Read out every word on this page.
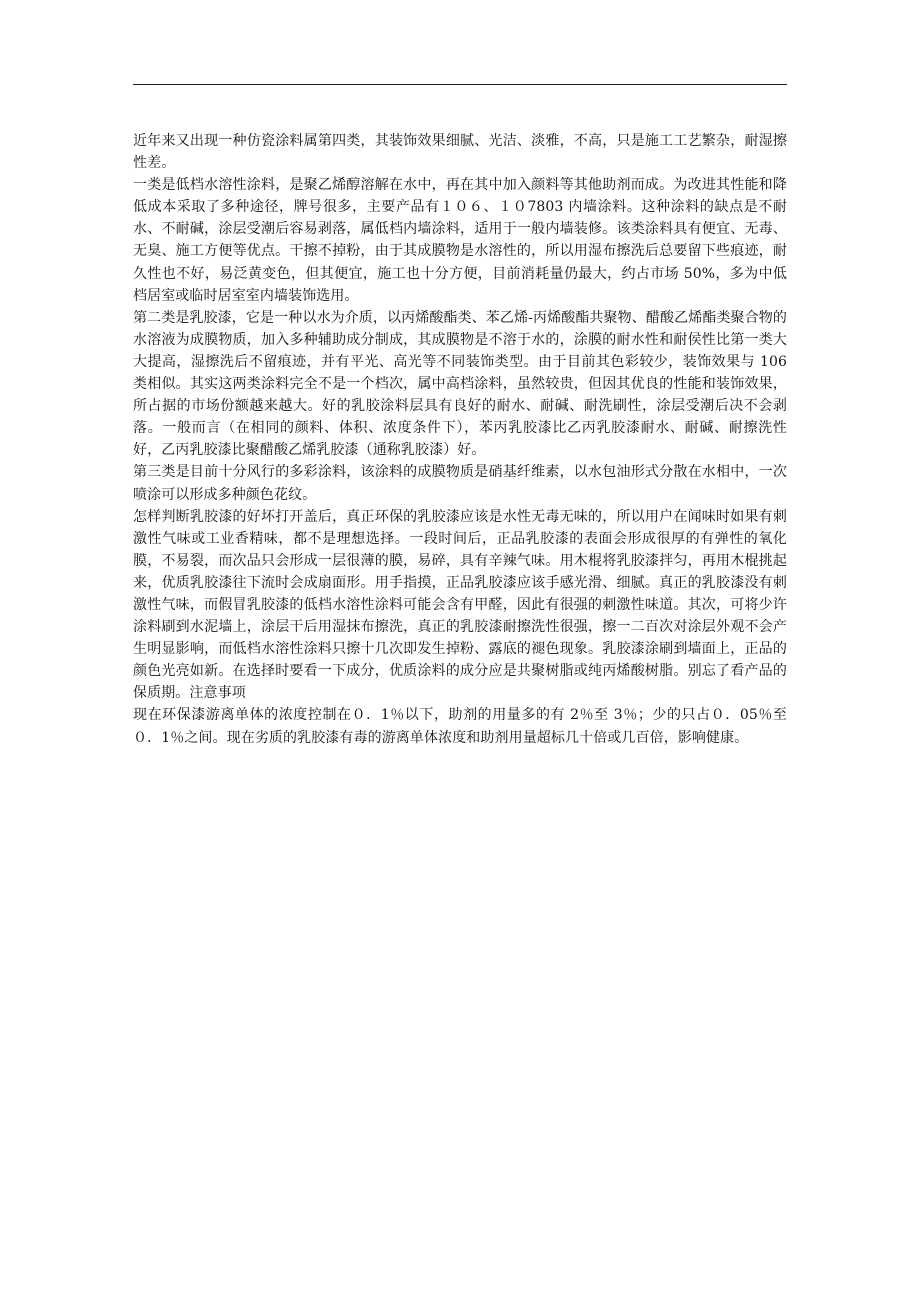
近年来又出现一种仿瓷涂料属第四类，其装饰效果细腻、光洁、淡雅，不高，只是施工工艺繁杂，耐湿擦性差。

一类是低档水溶性涂料，是聚乙烯醇溶解在水中，再在其中加入颜料等其他助剂而成。为改进其性能和降低成本采取了多种途径，牌号很多，主要产品有１０６、１０7803 内墙涂料。这种涂料的缺点是不耐水、不耐碱，涂层受潮后容易剥落，属低档内墙涂料，适用于一般内墙装修。该类涂料具有便宜、无毒、无臭、施工方便等优点。干擦不掉粉，由于其成膜物是水溶性的，所以用湿布擦洗后总要留下些痕迹，耐久性也不好，易泛黄变色，但其便宜，施工也十分方便，目前消耗量仍最大，约占市场 50%，多为中低档居室或临时居室室内墙装饰选用。

第二类是乳胶漆，它是一种以水为介质，以丙烯酸酯类、苯乙烯-丙烯酸酯共聚物、醋酸乙烯酯类聚合物的水溶液为成膜物质，加入多种辅助成分制成，其成膜物是不溶于水的，涂膜的耐水性和耐侯性比第一类大大提高，湿擦洗后不留痕迹，并有平光、高光等不同装饰类型。由于目前其色彩较少，装饰效果与 106 类相似。其实这两类涂料完全不是一个档次，属中高档涂料，虽然较贵，但因其优良的性能和装饰效果，所占据的市场份额越来越大。好的乳胶涂料层具有良好的耐水、耐碱、耐洗刷性，涂层受潮后决不会剥落。一般而言（在相同的颜料、体积、浓度条件下），苯丙乳胶漆比乙丙乳胶漆耐水、耐碱、耐擦洗性好，乙丙乳胶漆比聚醋酸乙烯乳胶漆（通称乳胶漆）好。

第三类是目前十分风行的多彩涂料，该涂料的成膜物质是硝基纤维素，以水包油形式分散在水相中，一次喷涂可以形成多种颜色花纹。

怎样判断乳胶漆的好坏打开盖后，真正环保的乳胶漆应该是水性无毒无味的，所以用户在闻味时如果有刺激性气味或工业香精味，都不是理想选择。一段时间后，正品乳胶漆的表面会形成很厚的有弹性的氧化膜，不易裂，而次品只会形成一层很薄的膜，易碎，具有辛辣气味。用木棍将乳胶漆拌匀，再用木棍挑起来，优质乳胶漆往下流时会成扇面形。用手指摸，正品乳胶漆应该手感光滑、细腻。真正的乳胶漆没有刺激性气味，而假冒乳胶漆的低档水溶性涂料可能会含有甲醛，因此有很强的刺激性味道。其次，可将少许涂料刷到水泥墙上，涂层干后用湿抹布擦洗，真正的乳胶漆耐擦洗性很强，擦一二百次对涂层外观不会产生明显影响，而低档水溶性涂料只擦十几次即发生掉粉、露底的褪色现象。乳胶漆涂刷到墙面上，正品的颜色光亮如新。在选择时要看一下成分，优质涂料的成分应是共聚树脂或纯丙烯酸树脂。别忘了看产品的保质期。注意事项

现在环保漆游离单体的浓度控制在０．1％以下，助剂的用量多的有 2％至 3％；少的只占０．05％至０．1％之间。现在劣质的乳胶漆有毒的游离单体浓度和助剂用量超标几十倍或几百倍，影响健康。
